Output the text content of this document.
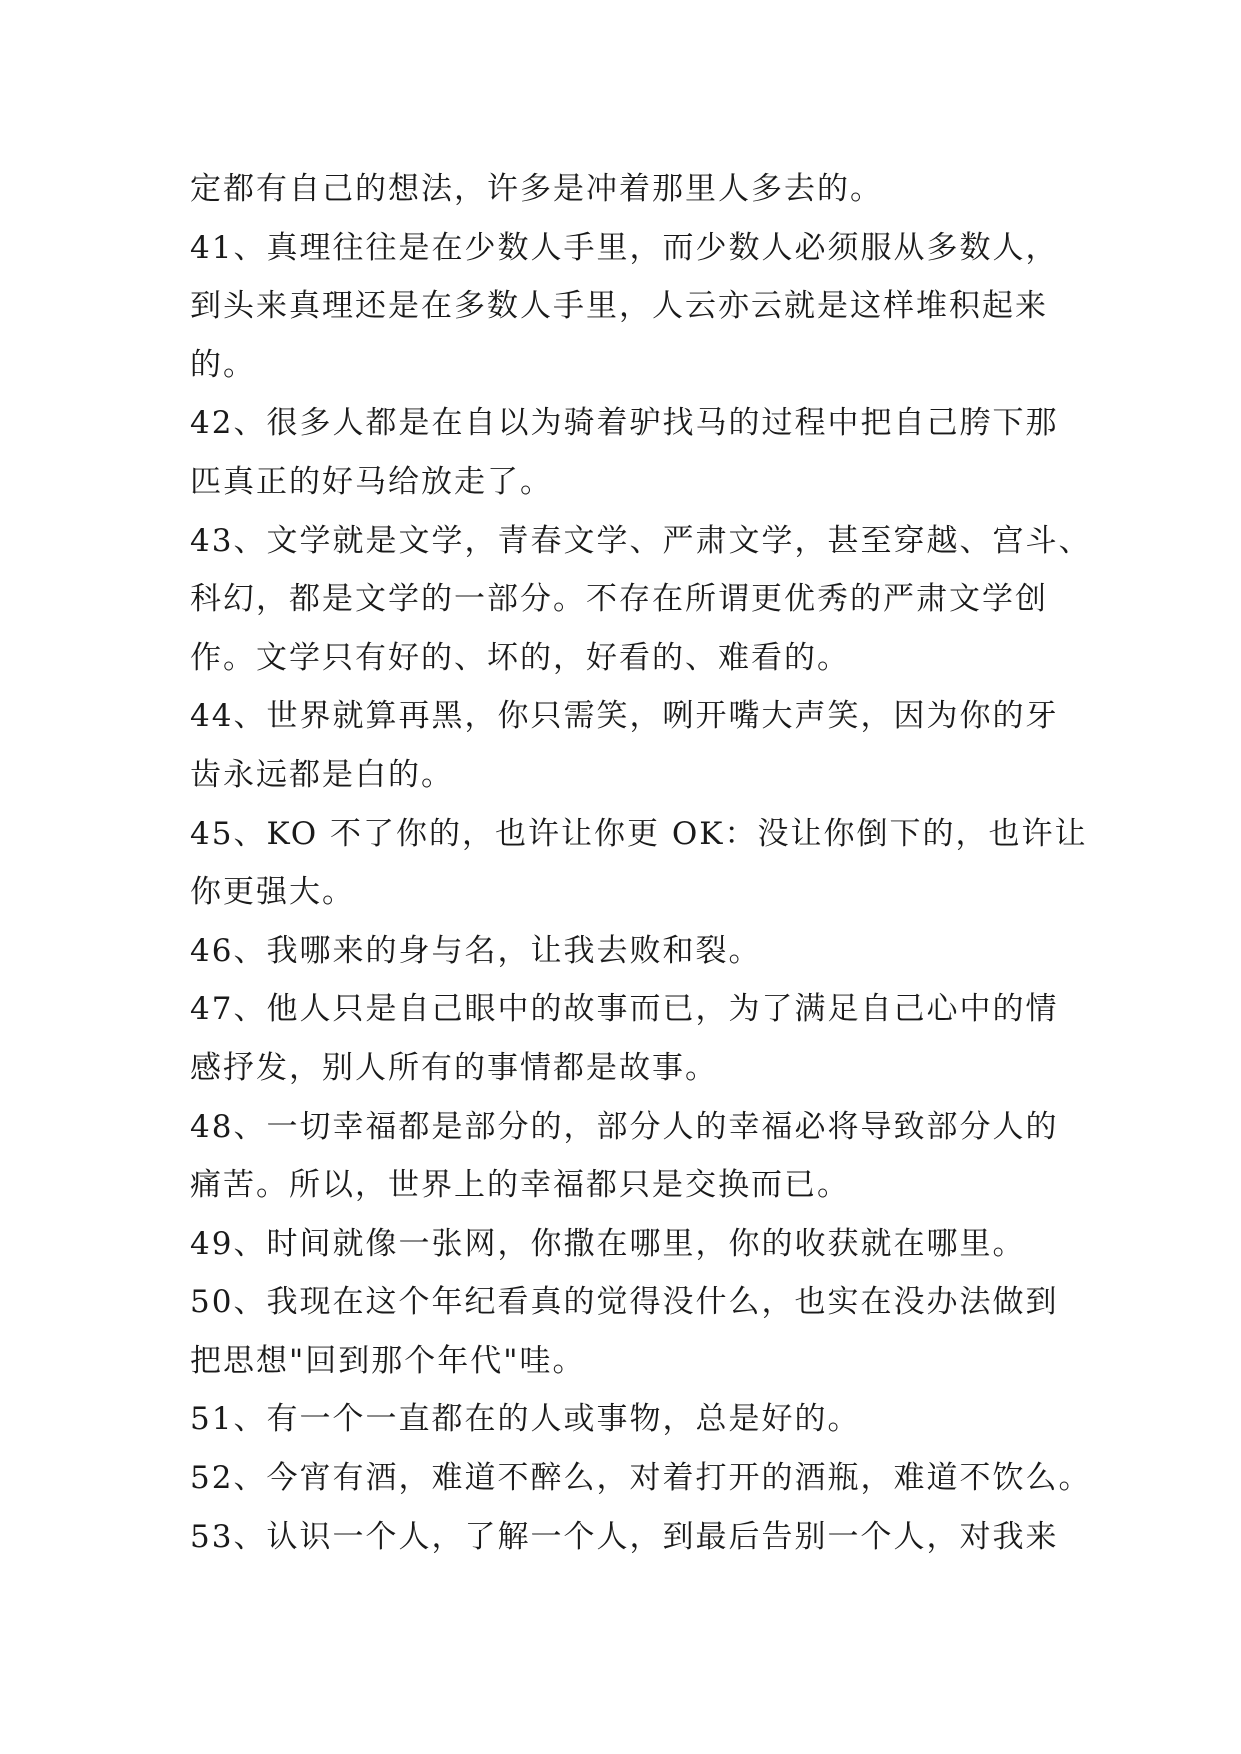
定都有自己的想法，许多是冲着那里人多去的。
41、真理往往是在少数人手里，而少数人必须服从多数人，
到头来真理还是在多数人手里，人云亦云就是这样堆积起来
的。
42、很多人都是在自以为骑着驴找马的过程中把自己胯下那
匹真正的好马给放走了。
43、文学就是文学，青春文学、严肃文学，甚至穿越、宫斗、
科幻，都是文学的一部分。不存在所谓更优秀的严肃文学创
作。文学只有好的、坏的，好看的、难看的。
44、世界就算再黑，你只需笑，咧开嘴大声笑，因为你的牙
齿永远都是白的。
45、KO 不了你的，也许让你更 OK：没让你倒下的，也许让
你更强大。
46、我哪来的身与名，让我去败和裂。
47、他人只是自己眼中的故事而已，为了满足自己心中的情
感抒发，别人所有的事情都是故事。
48、一切幸福都是部分的，部分人的幸福必将导致部分人的
痛苦。所以，世界上的幸福都只是交换而已。
49、时间就像一张网，你撒在哪里，你的收获就在哪里。
50、我现在这个年纪看真的觉得没什么，也实在没办法做到
把思想"回到那个年代"哇。
51、有一个一直都在的人或事物，总是好的。
52、今宵有酒，难道不醉么，对着打开的酒瓶，难道不饮么。
53、认识一个人，了解一个人，到最后告别一个人，对我来
